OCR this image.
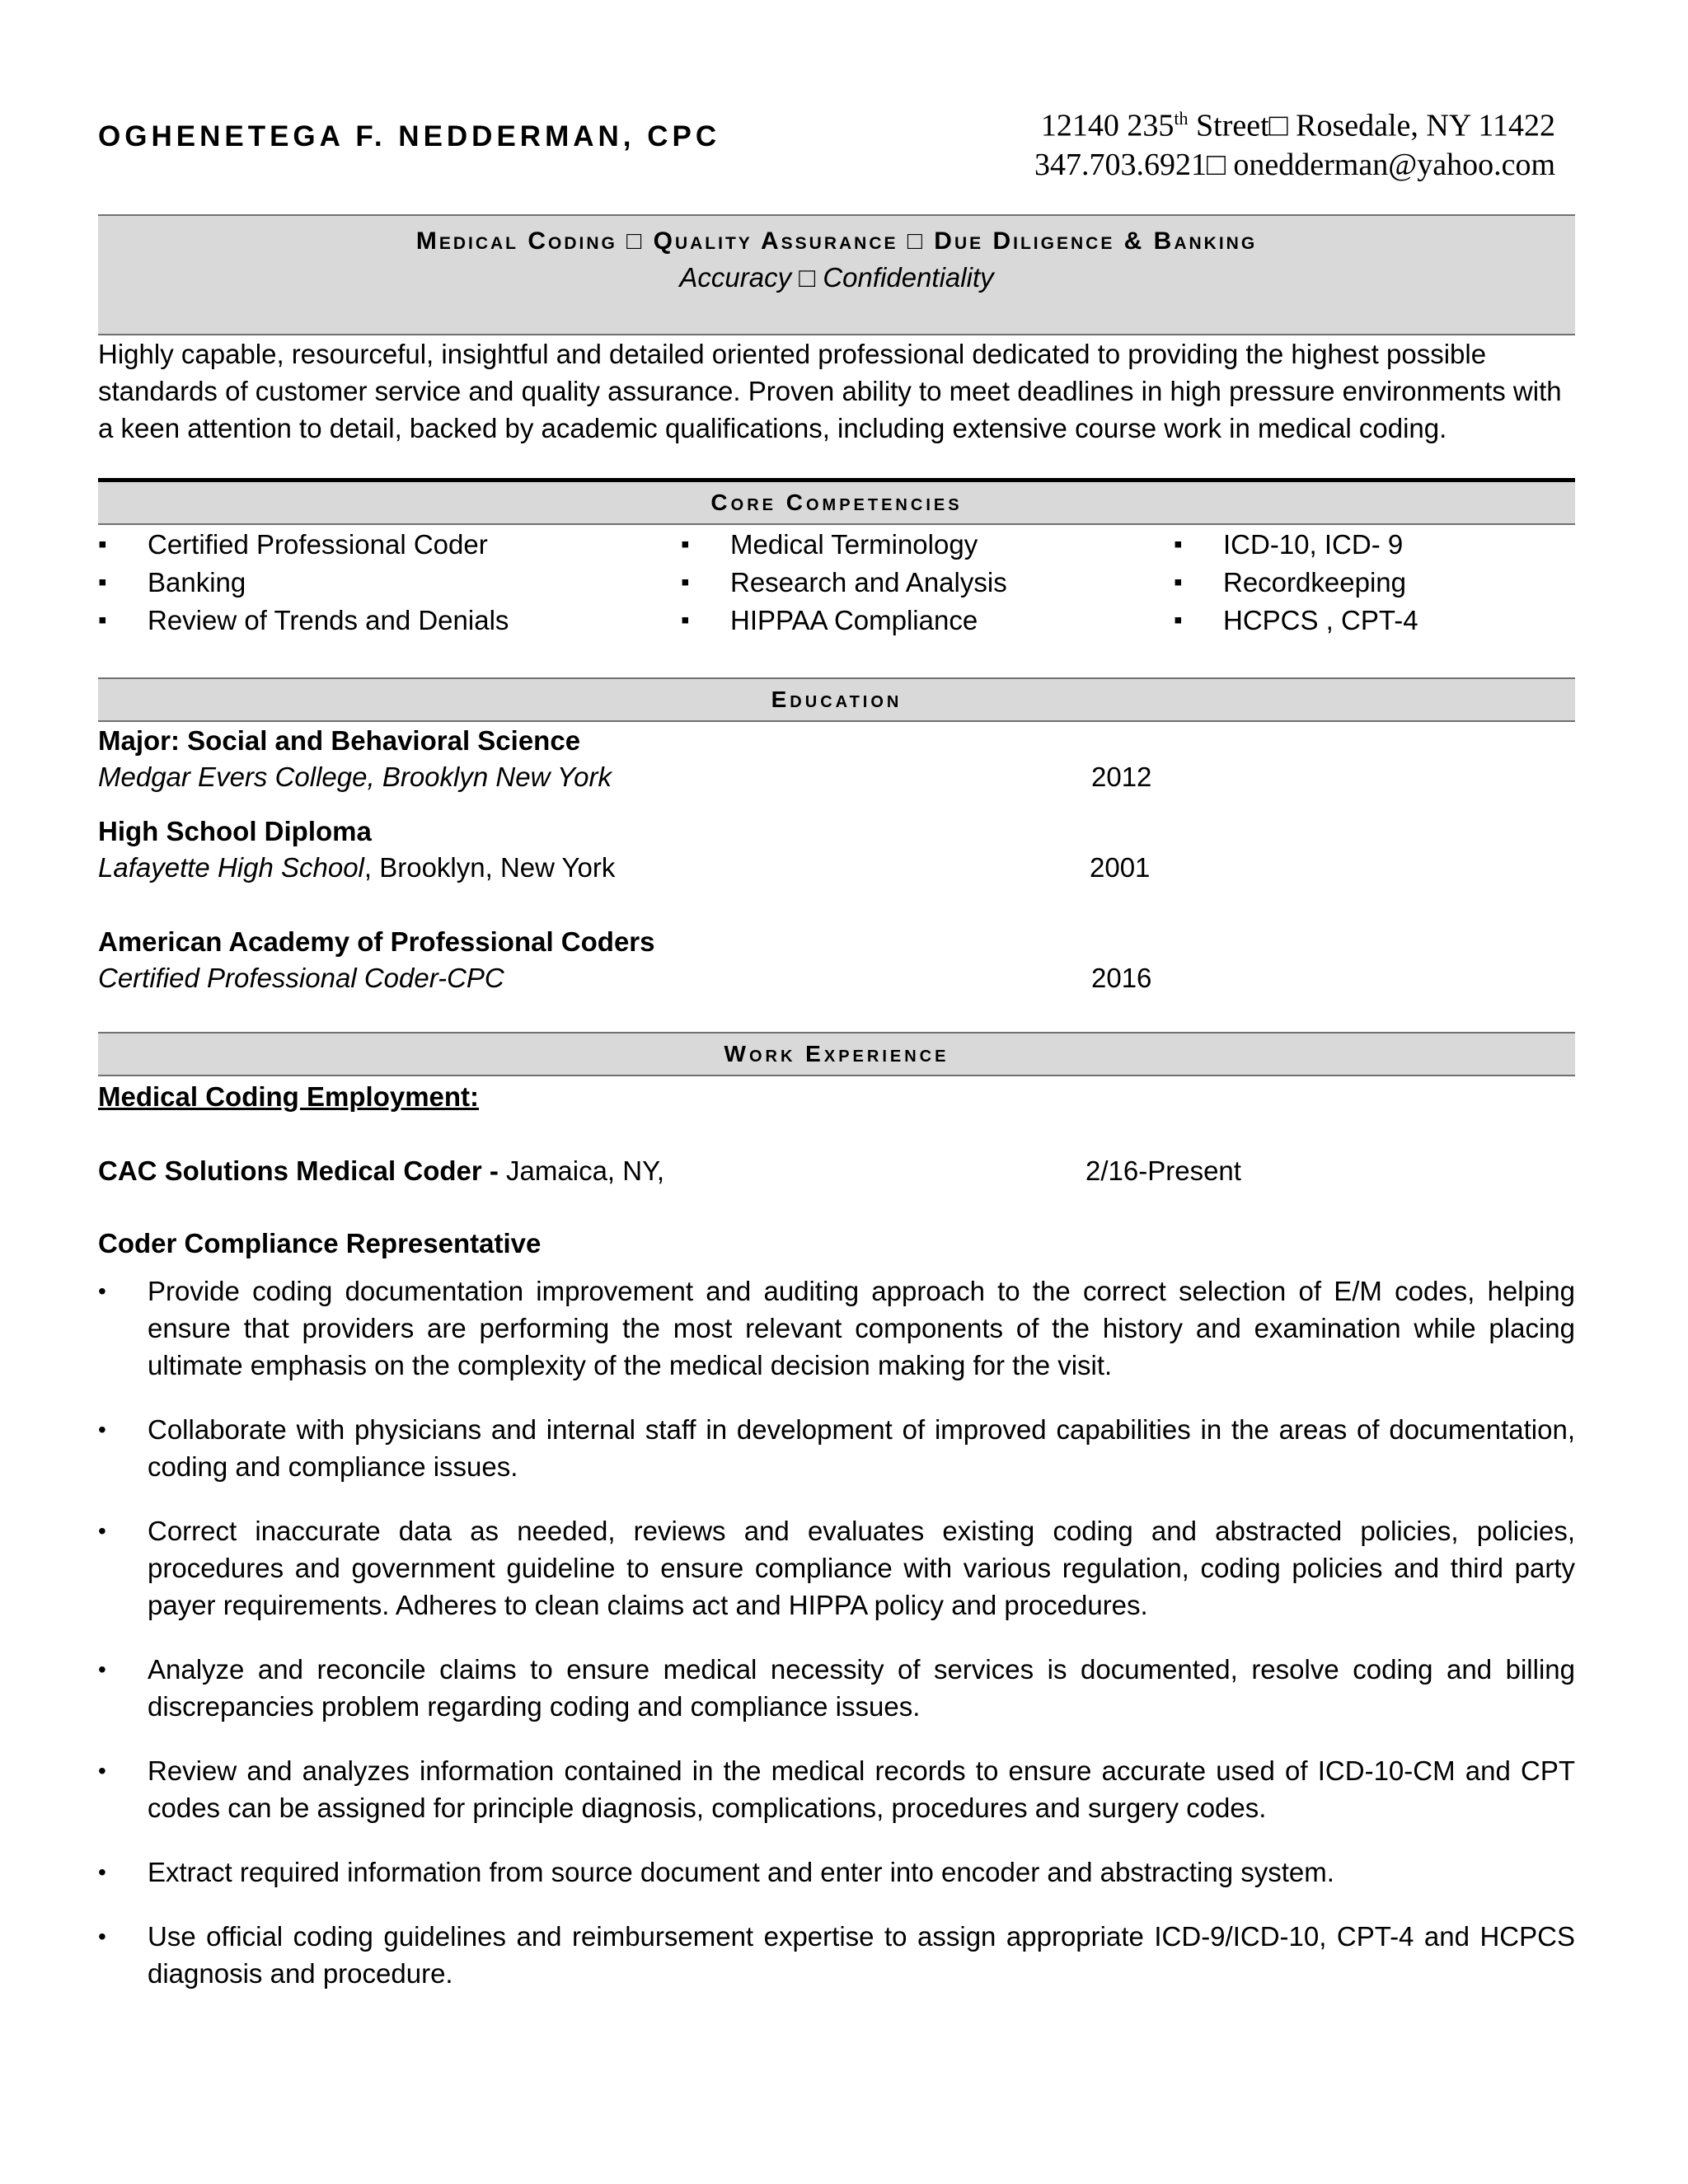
OGHENETEGA F. NEDDERMAN, CPC	12140 235th Street□ Rosedale, NY 11422
347.703.6921□ onedderman@yahoo.com
Medical Coding □ Quality Assurance □ Due Diligence & Banking
Accuracy □ Confidentiality
Highly capable, resourceful, insightful and detailed oriented professional dedicated to providing the highest possible standards of customer service and quality assurance. Proven ability to meet deadlines in high pressure environments with a keen attention to detail, backed by academic qualifications, including extensive course work in medical coding.
Core Competencies
▪ Certified Professional Coder
▪ Banking
▪ Review of Trends and Denials
▪ Medical Terminology
▪ Research and Analysis
▪ HIPPAA Compliance
▪ ICD-10, ICD- 9
▪ Recordkeeping
▪ HCPCS , CPT-4
Education
Major: Social and Behavioral Science
Medgar Evers College, Brooklyn New York	2012
High School Diploma
Lafayette High School, Brooklyn, New York	2001
American Academy of Professional Coders
Certified Professional Coder-CPC	2016
Work Experience
Medical Coding Employment:
CAC Solutions Medical Coder - Jamaica, NY,	2/16-Present
Coder Compliance Representative
• Provide coding documentation improvement and auditing approach to the correct selection of E/M codes, helping ensure that providers are performing the most relevant components of the history and examination while placing ultimate emphasis on the complexity of the medical decision making for the visit.
• Collaborate with physicians and internal staff in development of improved capabilities in the areas of documentation, coding and compliance issues.
• Correct inaccurate data as needed, reviews and evaluates existing coding and abstracted policies, policies, procedures and government guideline to ensure compliance with various regulation, coding policies and third party payer requirements. Adheres to clean claims act and HIPPA policy and procedures.
• Analyze and reconcile claims to ensure medical necessity of services is documented, resolve coding and billing discrepancies problem regarding coding and compliance issues.
• Review and analyzes information contained in the medical records to ensure accurate used of ICD-10-CM and CPT codes can be assigned for principle diagnosis, complications, procedures and surgery codes.
• Extract required information from source document and enter into encoder and abstracting system.
• Use official coding guidelines and reimbursement expertise to assign appropriate ICD-9/ICD-10, CPT-4 and HCPCS diagnosis and procedure.
